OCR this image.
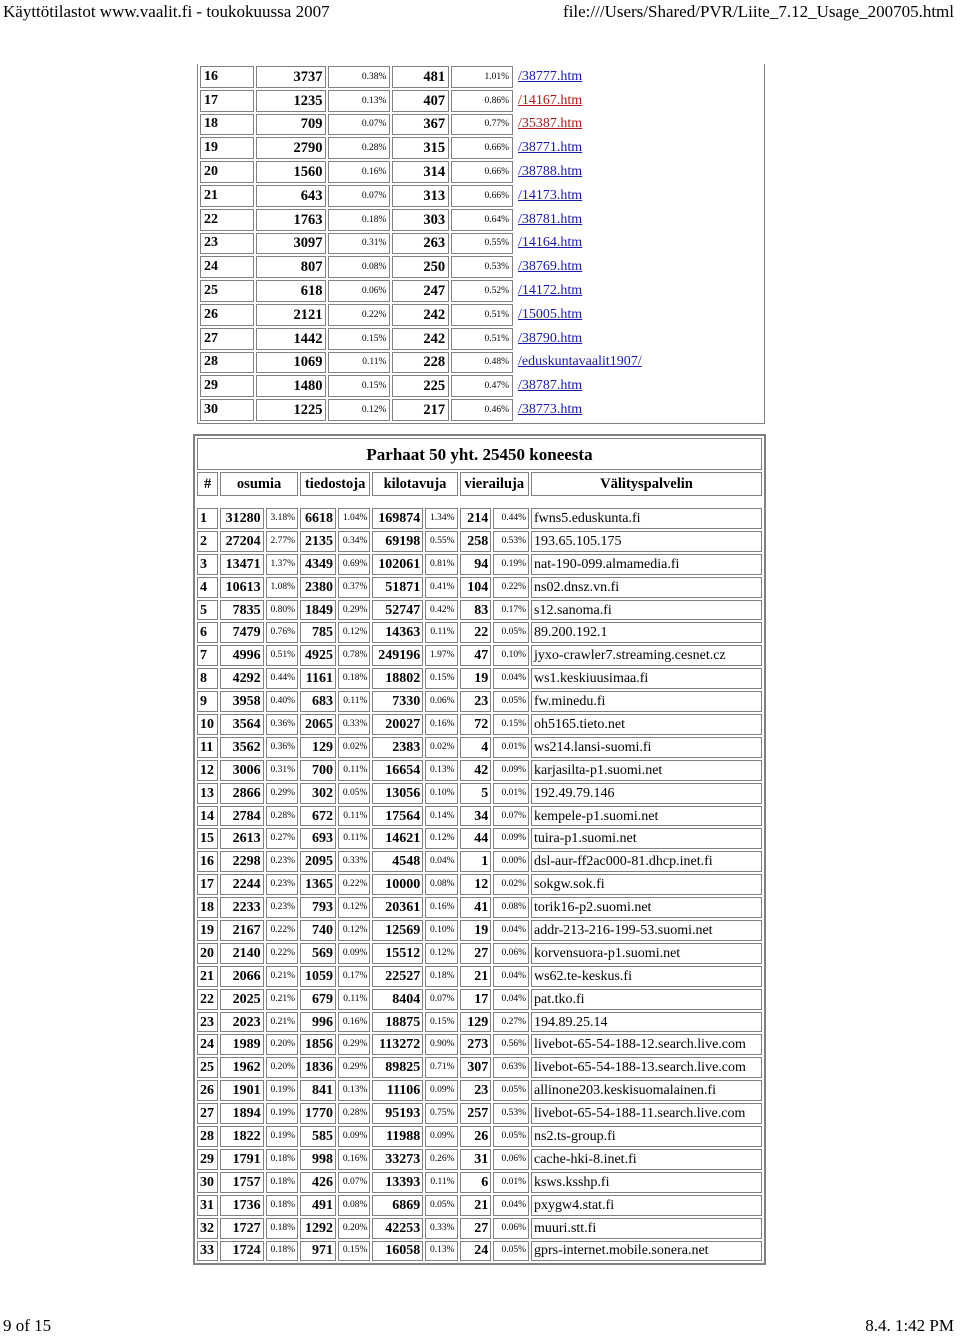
Käyttötilastot www.vaalit.fi - toukokuussa 2007	file:///Users/Shared/PVR/Liite_7.12_Usage_200705.html
16	3737	0.38%	481	1.01%	/38777.htm
17	1235	0.13%	407	0.86%	/14167.htm
18	709	0.07%	367	0.77%	/35387.htm
19	2790	0.28%	315	0.66%	/38771.htm
20	1560	0.16%	314	0.66%	/38788.htm
21	643	0.07%	313	0.66%	/14173.htm
22	1763	0.18%	303	0.64%	/38781.htm
23	3097	0.31%	263	0.55%	/14164.htm
24	807	0.08%	250	0.53%	/38769.htm
25	618	0.06%	247	0.52%	/14172.htm
26	2121	0.22%	242	0.51%	/15005.htm
27	1442	0.15%	242	0.51%	/38790.htm
28	1069	0.11%	228	0.48%	/eduskuntavaalit1907/
29	1480	0.15%	225	0.47%	/38787.htm
30	1225	0.12%	217	0.46%	/38773.htm
Parhaat 50 yht. 25450 koneesta									
#	osumia		tiedostoja		kilotavuja		vierailuja		Välityspalvelin

1	31280	3.18%	6618	1.04%	169874	1.34%	214	0.44%	fwns5.eduskunta.fi
2	27204	2.77%	2135	0.34%	69198	0.55%	258	0.53%	193.65.105.175
3	13471	1.37%	4349	0.69%	102061	0.81%	94	0.19%	nat-190-099.almamedia.fi
4	10613	1.08%	2380	0.37%	51871	0.41%	104	0.22%	ns02.dnsz.vn.fi
5	7835	0.80%	1849	0.29%	52747	0.42%	83	0.17%	s12.sanoma.fi
6	7479	0.76%	785	0.12%	14363	0.11%	22	0.05%	89.200.192.1
7	4996	0.51%	4925	0.78%	249196	1.97%	47	0.10%	jyxo-crawler7.streaming.cesnet.cz
8	4292	0.44%	1161	0.18%	18802	0.15%	19	0.04%	ws1.keskiuusimaa.fi
9	3958	0.40%	683	0.11%	7330	0.06%	23	0.05%	fw.minedu.fi
10	3564	0.36%	2065	0.33%	20027	0.16%	72	0.15%	oh5165.tieto.net
11	3562	0.36%	129	0.02%	2383	0.02%	4	0.01%	ws214.lansi-suomi.fi
12	3006	0.31%	700	0.11%	16654	0.13%	42	0.09%	karjasilta-p1.suomi.net
13	2866	0.29%	302	0.05%	13056	0.10%	5	0.01%	192.49.79.146
14	2784	0.28%	672	0.11%	17564	0.14%	34	0.07%	kempele-p1.suomi.net
15	2613	0.27%	693	0.11%	14621	0.12%	44	0.09%	tuira-p1.suomi.net
16	2298	0.23%	2095	0.33%	4548	0.04%	1	0.00%	dsl-aur-ff2ac000-81.dhcp.inet.fi
17	2244	0.23%	1365	0.22%	10000	0.08%	12	0.02%	sokgw.sok.fi
18	2233	0.23%	793	0.12%	20361	0.16%	41	0.08%	torik16-p2.suomi.net
19	2167	0.22%	740	0.12%	12569	0.10%	19	0.04%	addr-213-216-199-53.suomi.net
20	2140	0.22%	569	0.09%	15512	0.12%	27	0.06%	korvensuora-p1.suomi.net
21	2066	0.21%	1059	0.17%	22527	0.18%	21	0.04%	ws62.te-keskus.fi
22	2025	0.21%	679	0.11%	8404	0.07%	17	0.04%	pat.tko.fi
23	2023	0.21%	996	0.16%	18875	0.15%	129	0.27%	194.89.25.14
24	1989	0.20%	1856	0.29%	113272	0.90%	273	0.56%	livebot-65-54-188-12.search.live.com
25	1962	0.20%	1836	0.29%	89825	0.71%	307	0.63%	livebot-65-54-188-13.search.live.com
26	1901	0.19%	841	0.13%	11106	0.09%	23	0.05%	allinone203.keskisuomalainen.fi
27	1894	0.19%	1770	0.28%	95193	0.75%	257	0.53%	livebot-65-54-188-11.search.live.com
28	1822	0.19%	585	0.09%	11988	0.09%	26	0.05%	ns2.ts-group.fi
29	1791	0.18%	998	0.16%	33273	0.26%	31	0.06%	cache-hki-8.inet.fi
30	1757	0.18%	426	0.07%	13393	0.11%	6	0.01%	ksws.ksshp.fi
31	1736	0.18%	491	0.08%	6869	0.05%	21	0.04%	pxygw4.stat.fi
32	1727	0.18%	1292	0.20%	42253	0.33%	27	0.06%	muuri.stt.fi
33	1724	0.18%	971	0.15%	16058	0.13%	24	0.05%	gprs-internet.mobile.sonera.net
9 of 15	8.4. 1:42 PM
